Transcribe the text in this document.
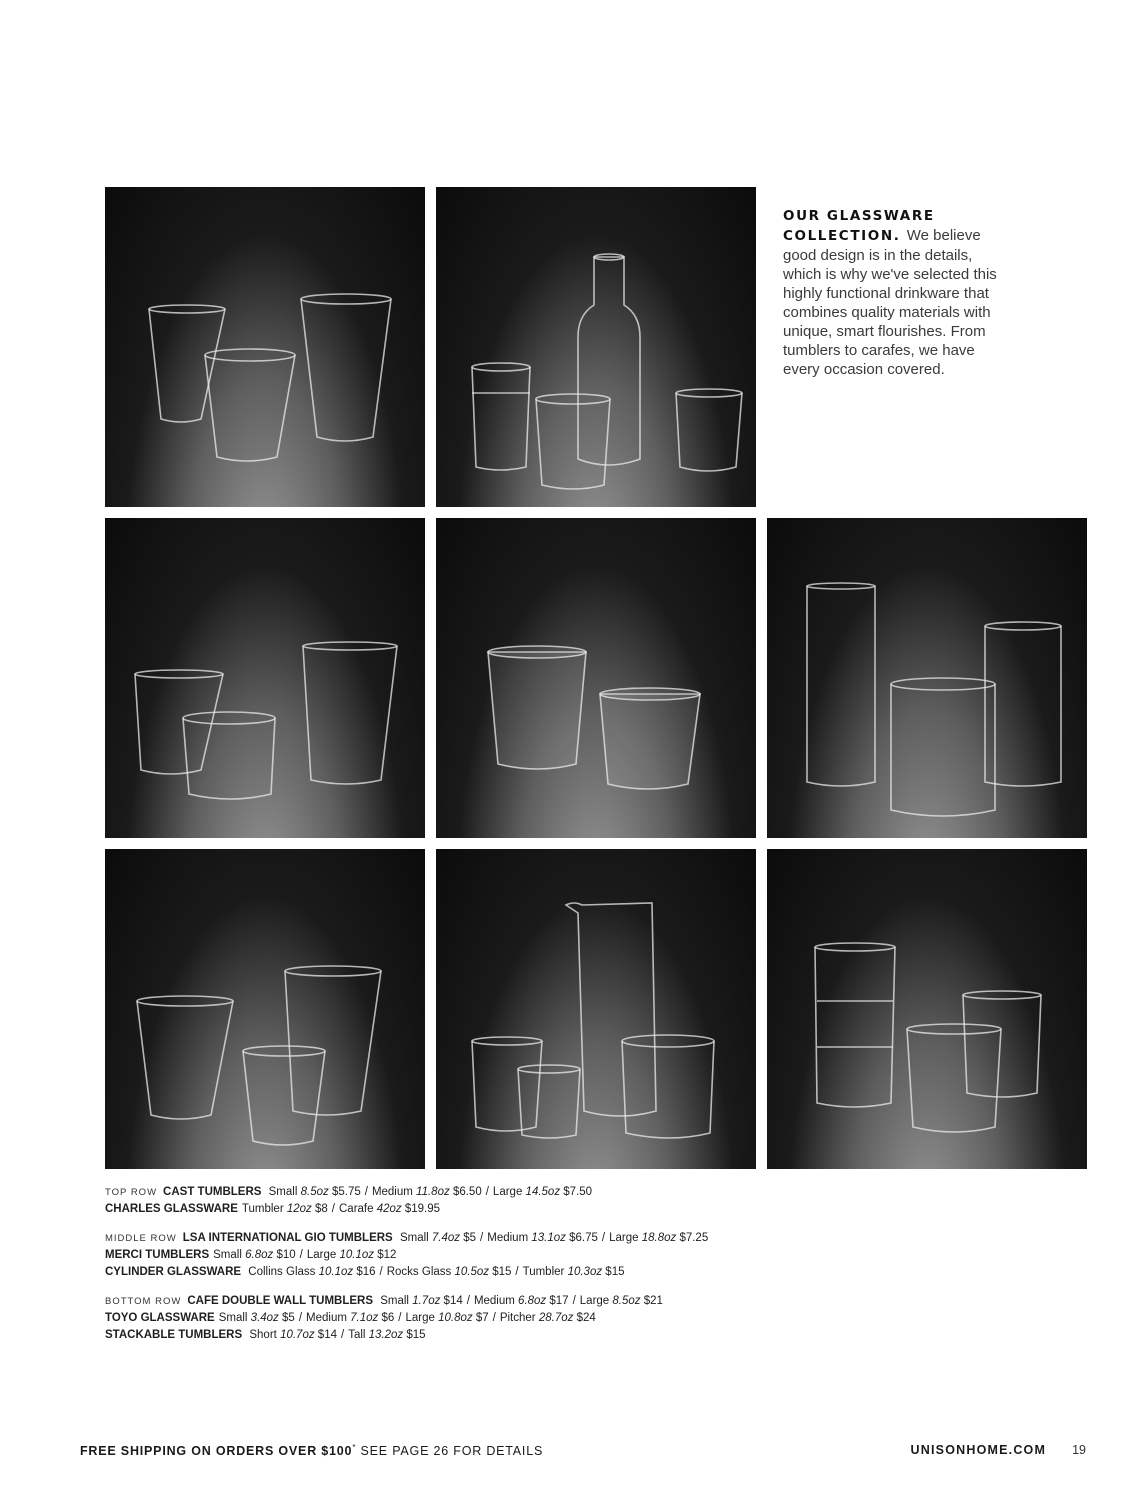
OUR GLASSWARE COLLECTION. We believe good design is in the details, which is why we've selected this highly functional drinkware that combines quality materials with unique, smart flourishes. From tumblers to carafes, we have every occasion covered.
TOP ROW CAST TUMBLERS Small 8.5oz $5.75 / Medium 11.8oz $6.50 / Large 14.5oz $7.50
CHARLES GLASSWARE Tumbler 12oz $8 / Carafe 42oz $19.95
MIDDLE ROW LSA INTERNATIONAL GIO TUMBLERS Small 7.4oz $5 / Medium 13.1oz $6.75 / Large 18.8oz $7.25
MERCI TUMBLERS Small 6.8oz $10 / Large 10.1oz $12
CYLINDER GLASSWARE Collins Glass 10.1oz $16 / Rocks Glass 10.5oz $15 / Tumbler 10.3oz $15
BOTTOM ROW CAFE DOUBLE WALL TUMBLERS Small 1.7oz $14 / Medium 6.8oz $17 / Large 8.5oz $21
TOYO GLASSWARE Small 3.4oz $5 / Medium 7.1oz $6 / Large 10.8oz $7 / Pitcher 28.7oz $24
STACKABLE TUMBLERS Short 10.7oz $14 / Tall 13.2oz $15
FREE SHIPPING ON ORDERS OVER $100* SEE PAGE 26 FOR DETAILS	UNISONHOME.COM 19
